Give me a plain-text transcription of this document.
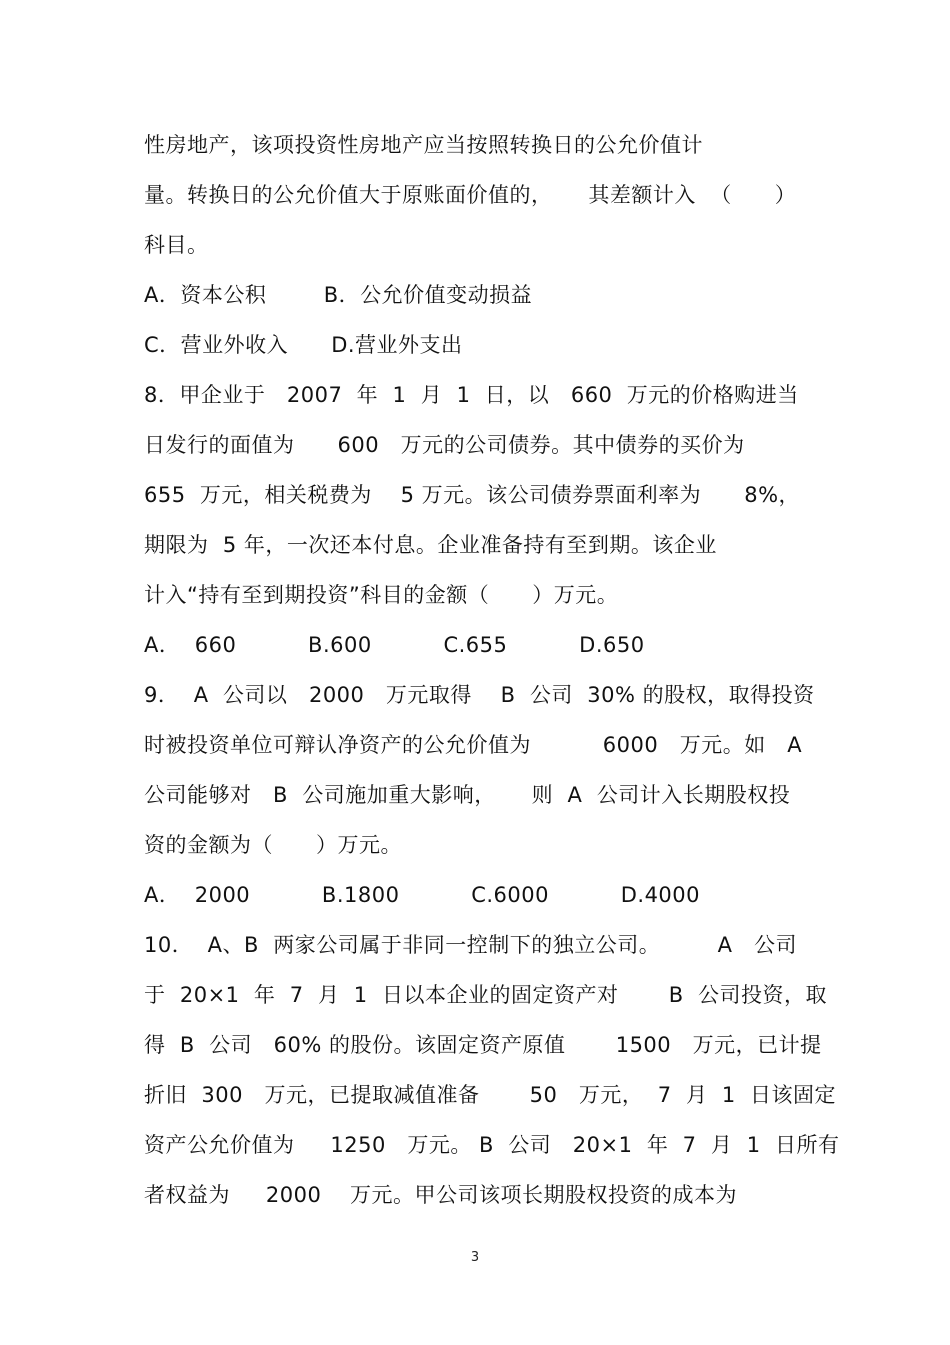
性房地产，该项投资性房地产应当按照转换日的公允价值计
量。转换日的公允价值大于原账面价值的，     其差额计入  （      ）
科目。
A．资本公积        B．公允价值变动损益
C．营业外收入      D.营业外支出
8．甲企业于   2007  年  1  月  1  日，以   660  万元的价格购进当
日发行的面值为      600   万元的公司债券。其中债券的买价为
655  万元，相关税费为    5 万元。该公司债券票面利率为      8%，
期限为  5 年，一次还本付息。企业准备持有至到期。该企业
计入“持有至到期投资”科目的金额（      ）万元。
A．  660          B.600          C.655          D.650
9．  A  公司以   2000   万元取得    B  公司  30% 的股权，取得投资
时被投资单位可辩认净资产的公允价值为          6000   万元。如   A
公司能够对   B  公司施加重大影响，     则  A  公司计入长期股权投
资的金额为（      ）万元。
A．  2000          B.1800          C.6000          D.4000
10．  A、B  两家公司属于非同一控制下的独立公司。        A   公司
于  20×1  年  7  月  1  日以本企业的固定资产对       B  公司投资，取
得  B  公司   60% 的股份。该固定资产原值       1500   万元，已计提
折旧  300   万元，已提取减值准备       50   万元，  7  月  1  日该固定
资产公允价值为     1250   万元。 B  公司   20×1  年  7  月  1  日所有
者权益为     2000    万元。甲公司该项长期股权投资的成本为
3
